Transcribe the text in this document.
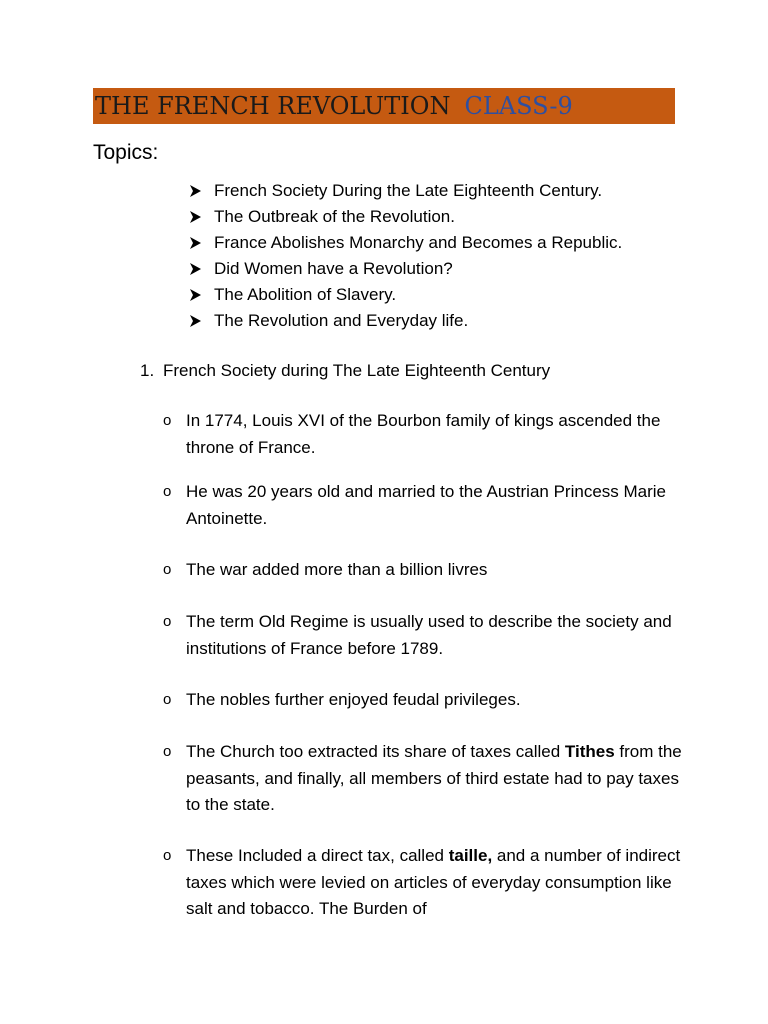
THE FRENCH REVOLUTION CLASS-9
Topics:
French Society During the Late Eighteenth Century.
The Outbreak of the Revolution.
France Abolishes Monarchy and Becomes a Republic.
Did Women have a Revolution?
The Abolition of Slavery.
The Revolution and Everyday life.
1. French Society during The Late Eighteenth Century
o In 1774, Louis XVI of the Bourbon family of kings ascended the throne of France.
o He was 20 years old and married to the Austrian Princess Marie Antoinette.
o The war added more than a billion livres
o The term Old Regime is usually used to describe the society and institutions of France before 1789.
o The nobles further enjoyed feudal privileges.
o The Church too extracted its share of taxes called Tithes from the peasants, and finally, all members of third estate had to pay taxes to the state.
o These Included a direct tax, called taille, and a number of indirect taxes which were levied on articles of everyday consumption like salt and tobacco. The Burden of
